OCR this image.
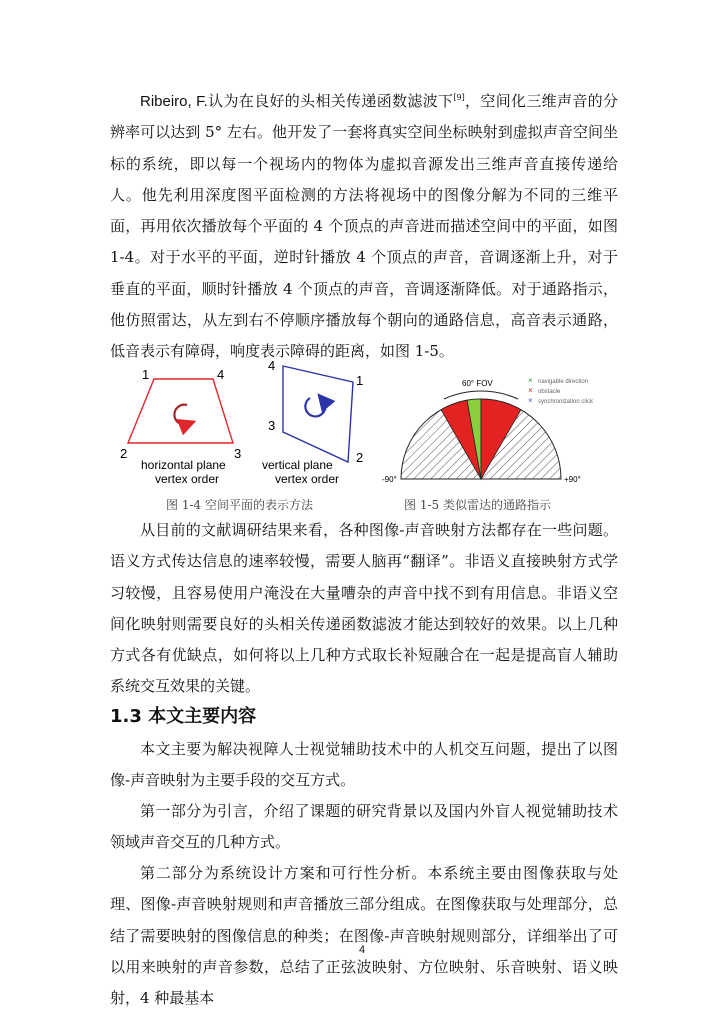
Ribeiro, F.认为在良好的头相关传递函数滤波下[9]，空间化三维声音的分辨率可以达到 5° 左右。他开发了一套将真实空间坐标映射到虚拟声音空间坐标的系统，即以每一个视场内的物体为虚拟音源发出三维声音直接传递给人。他先利用深度图平面检测的方法将视场中的图像分解为不同的三维平面，再用依次播放每个平面的 4 个顶点的声音进而描述空间中的平面，如图 1-4。对于水平的平面，逆时针播放 4 个顶点的声音，音调逐渐上升，对于垂直的平面，顺时针播放 4 个顶点的声音，音调逐渐降低。对于通路指示，他仿照雷达，从左到右不停顺序播放每个朝向的通路信息，高音表示通路，低音表示有障碍，响度表示障碍的距离，如图 1-5。

1	4
2	3
horizontal plane
vertex order
4
1
3
2
vertical plane
vertex order
60° FOV	× navigable direction
× obstacle
× synchronization click
-90°	+90°
图 1-4 空间平面的表示方法	图 1-5 类似雷达的通路指示

从目前的文献调研结果来看，各种图像-声音映射方法都存在一些问题。语义方式传达信息的速率较慢，需要人脑再“翻译”。非语义直接映射方式学习较慢，且容易使用户淹没在大量嘈杂的声音中找不到有用信息。非语义空间化映射则需要良好的头相关传递函数滤波才能达到较好的效果。以上几种方式各有优缺点，如何将以上几种方式取长补短融合在一起是提高盲人辅助系统交互效果的关键。

1.3 本文主要内容

本文主要为解决视障人士视觉辅助技术中的人机交互问题，提出了以图像-声音映射为主要手段的交互方式。

第一部分为引言，介绍了课题的研究背景以及国内外盲人视觉辅助技术领域声音交互的几种方式。

第二部分为系统设计方案和可行性分析。本系统主要由图像获取与处理、图像-声音映射规则和声音播放三部分组成。在图像获取与处理部分，总结了需要映射的图像信息的种类；在图像-声音映射规则部分，详细举出了可以用来映射的声音参数，总结了正弦波映射、方位映射、乐音映射、语义映射，4 种最基本

4
